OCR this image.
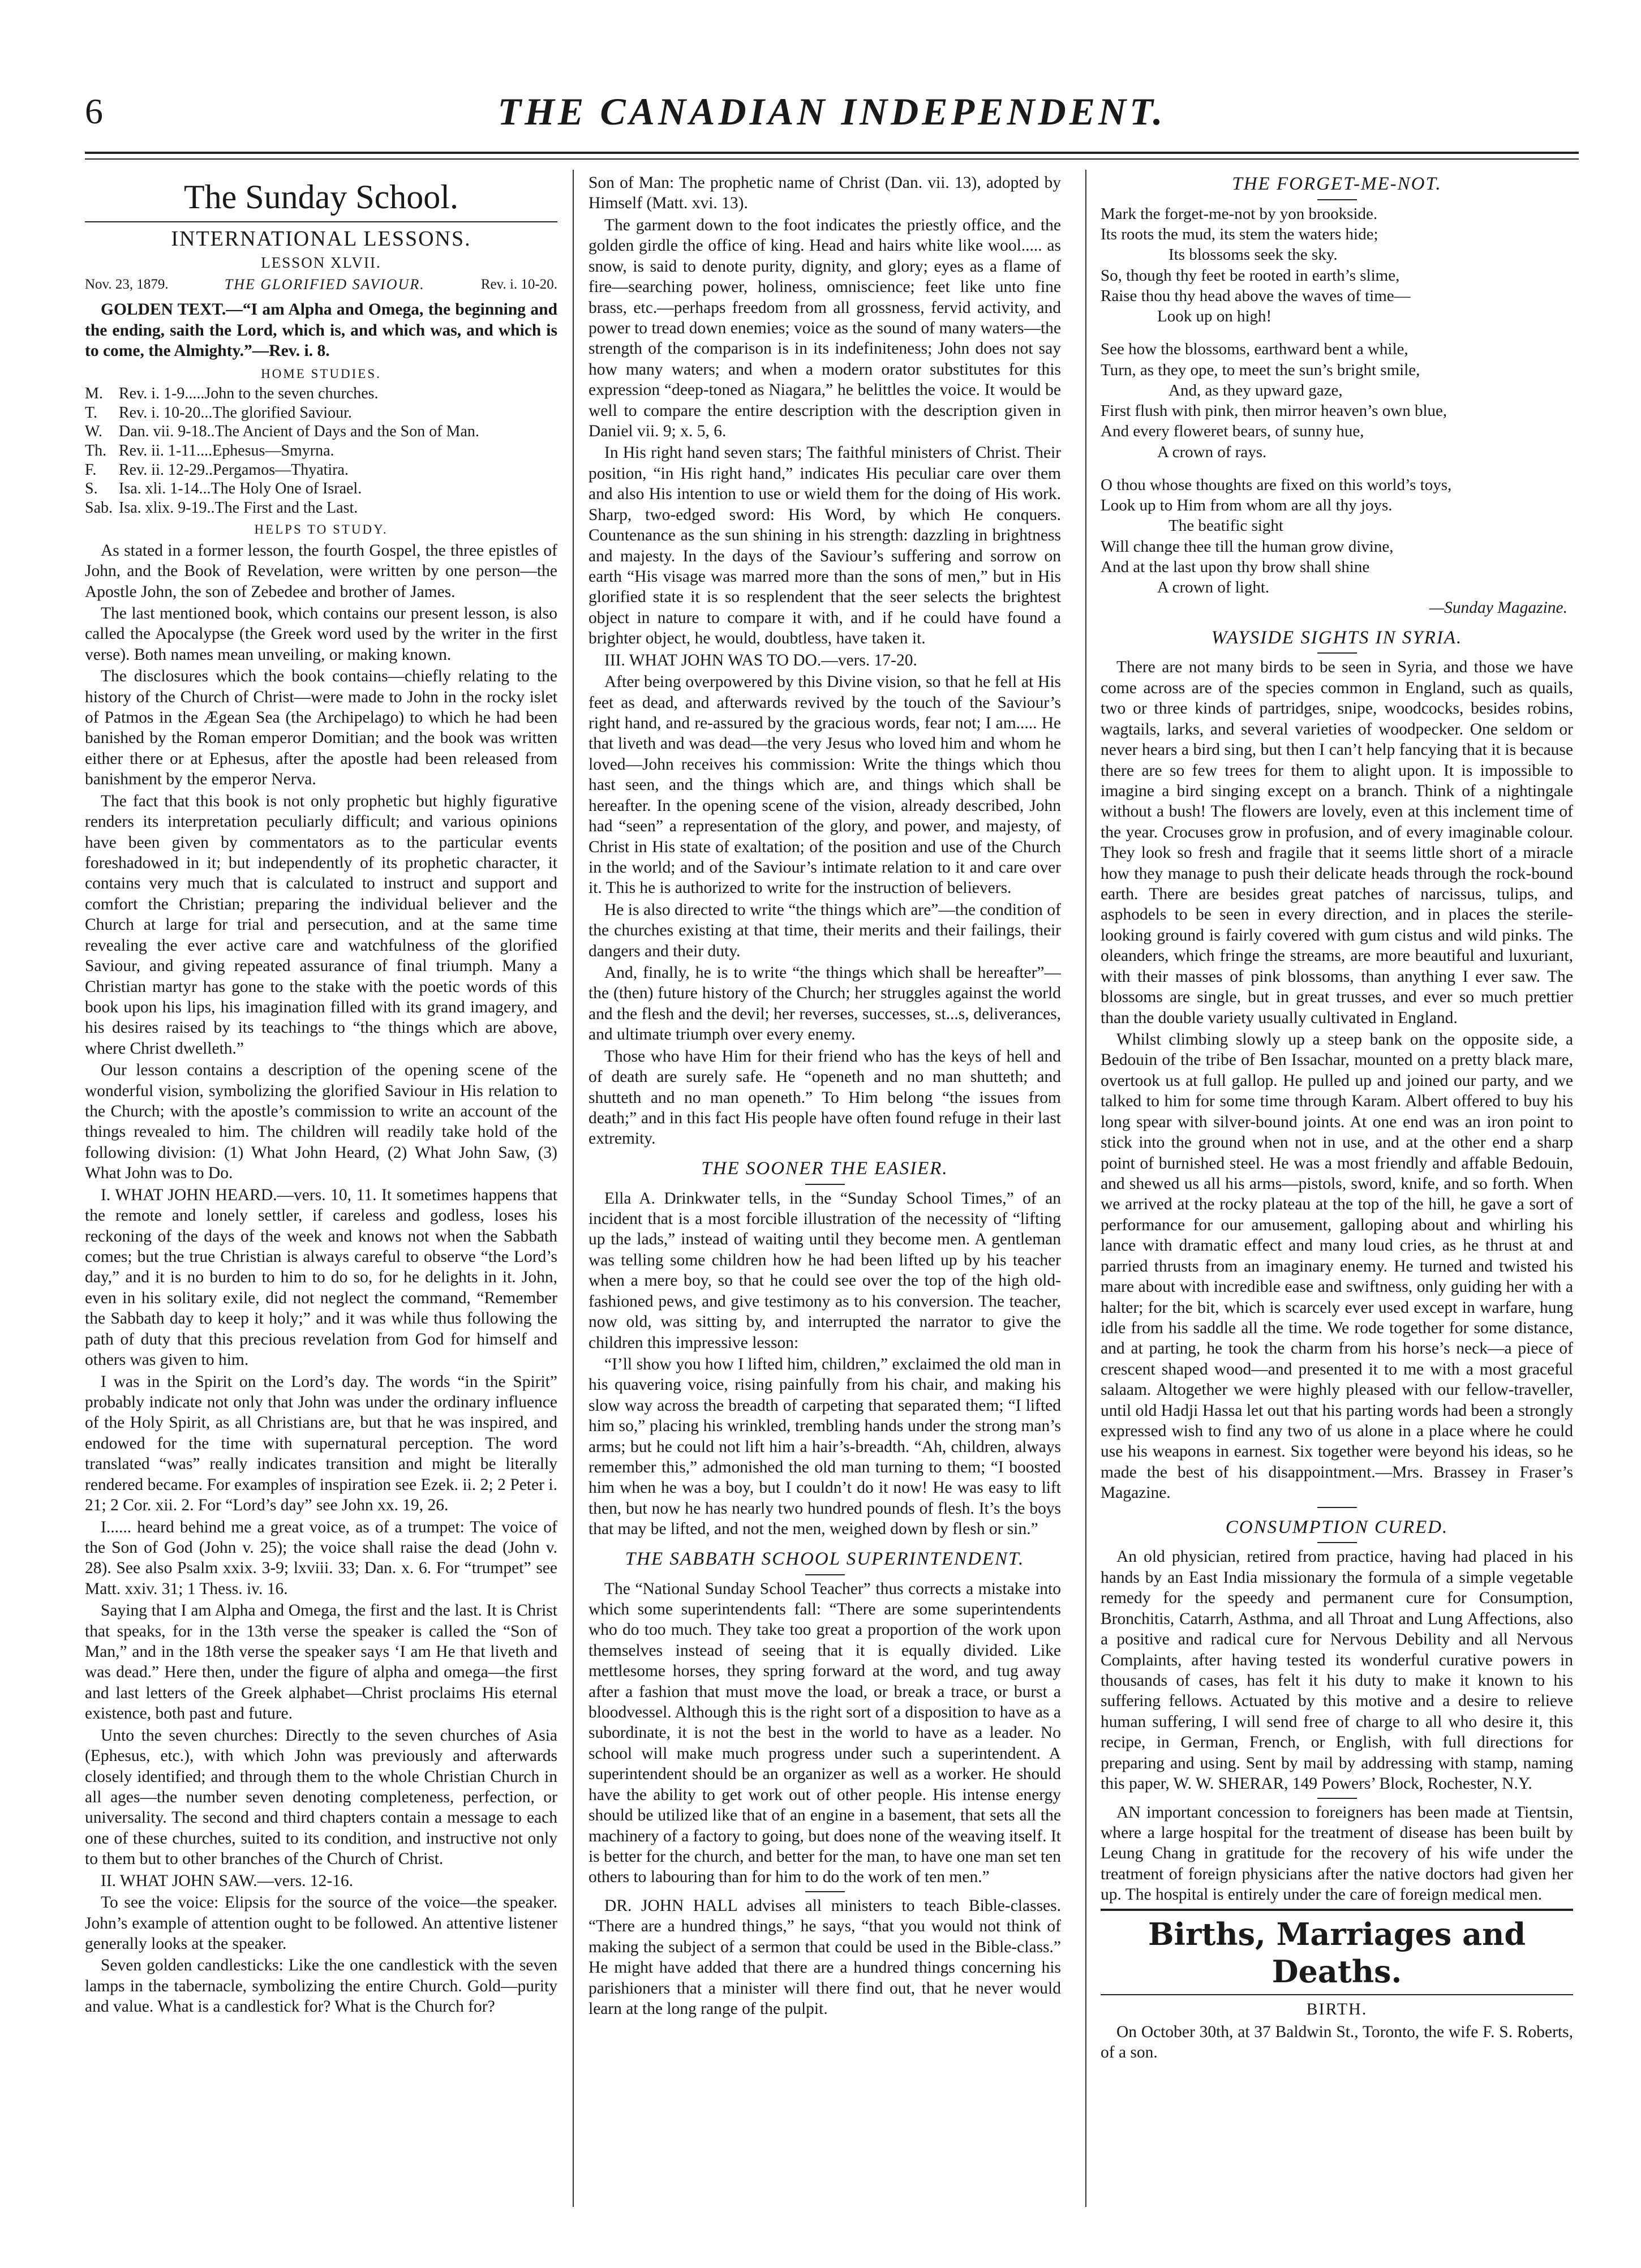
6	THE CANADIAN INDEPENDENT.
The Sunday School.
INTERNATIONAL LESSONS.
LESSON XLVII.
Nov. 23, 1879.	THE GLORIFIED SAVIOUR.	Rev. i. 10-20.

GOLDEN TEXT.—“I am Alpha and Omega, the beginning and the ending, saith the Lord, which is, and which was, and which is to come, the Almighty.”—Rev. i. 8.

HOME STUDIES.
M.	Rev. i. 1-9.....John to the seven churches.
T.	Rev. i. 10-20...The glorified Saviour.
W.	Dan. vii. 9-18..The Ancient of Days and the Son of Man.
Th. Rev. ii. 1-11....Ephesus—Smyrna.
F.	Rev. ii. 12-29..Pergamos—Thyatira.
S.	Isa. xli. 1-14...The Holy One of Israel.
Sab. Isa. xlix. 9-19..The First and the Last.
HELPS TO STUDY.

As stated in a former lesson, the fourth Gospel, the three epistles of John, and the Book of Revelation, were written by one person—the Apostle John, the son of Zebedee and brother of James.

The last mentioned book, which contains our present lesson, is also called the Apocalypse (the Greek word used by the writer in the first verse). Both names mean unveiling, or making known.

The disclosures which the book contains—chiefly relating to the history of the Church of Christ—were made to John in the rocky islet of Patmos in the Ægean Sea (the Archipelago) to which he had been banished by the Roman emperor Domitian; and the book was written either there or at Ephesus, after the apostle had been released from banishment by the emperor Nerva.

The fact that this book is not only prophetic but highly figurative renders its interpretation peculiarly difficult; and various opinions have been given by commentators as to the particular events foreshadowed in it; but independently of its prophetic character, it contains very much that is calculated to instruct and support and comfort the Christian; preparing the individual believer and the Church at large for trial and persecution, and at the same time revealing the ever active care and watchfulness of the glorified Saviour, and giving repeated assurance of final triumph. Many a Christian martyr has gone to the stake with the poetic words of this book upon his lips, his imagination filled with its grand imagery, and his desires raised by its teachings to “the things which are above, where Christ dwelleth.”

Our lesson contains a description of the opening scene of the wonderful vision, symbolizing the glorified Saviour in His relation to the Church; with the apostle’s commission to write an account of the things revealed to him. The children will readily take hold of the following division: (1) What John Heard, (2) What John Saw, (3) What John was to Do.

I. WHAT JOHN HEARD.—vers. 10, 11. It sometimes happens that the remote and lonely settler, if careless and godless, loses his reckoning of the days of the week and knows not when the Sabbath comes; but the true Christian is always careful to observe “the Lord’s day,” and it is no burden to him to do so, for he delights in it. John, even in his solitary exile, did not neglect the command, “Remember the Sabbath day to keep it holy;” and it was while thus following the path of duty that this precious revelation from God for himself and others was given to him.

I was in the Spirit on the Lord’s day. The words “in the Spirit” probably indicate not only that John was under the ordinary influence of the Holy Spirit, as all Christians are, but that he was inspired, and endowed for the time with supernatural perception. The word translated “was” really indicates transition and might be literally rendered became. For examples of inspiration see Ezek. ii. 2; 2 Peter i. 21; 2 Cor. xii. 2. For “Lord’s day” see John xx. 19, 26.

I...... heard behind me a great voice, as of a trumpet: The voice of the Son of God (John v. 25); the voice shall raise the dead (John v. 28). See also Psalm xxix. 3-9; lxviii. 33; Dan. x. 6. For “trumpet” see Matt. xxiv. 31; 1 Thess. iv. 16.

Saying that I am Alpha and Omega, the first and the last. It is Christ that speaks, for in the 13th verse the speaker is called the “Son of Man,” and in the 18th verse the speaker says ‘I am He that liveth and was dead.” Here then, under the figure of alpha and omega—the first and last letters of the Greek alphabet—Christ proclaims His eternal existence, both past and future.

Unto the seven churches: Directly to the seven churches of Asia (Ephesus, etc.), with which John was previously and afterwards closely identified; and through them to the whole Christian Church in all ages—the number seven denoting completeness, perfection, or universality. The second and third chapters contain a message to each one of these churches, suited to its condition, and instructive not only to them but to other branches of the Church of Christ.

II. WHAT JOHN SAW.—vers. 12-16.

To see the voice: Elipsis for the source of the voice—the speaker. John’s example of attention ought to be followed. An attentive listener generally looks at the speaker.

Seven golden candlesticks: Like the one candlestick with the seven lamps in the tabernacle, symbolizing the entire Church. Gold—purity and value. What is a candlestick for? What is the Church for?

Son of Man: The prophetic name of Christ (Dan. vii. 13), adopted by Himself (Matt. xvi. 13).

The garment down to the foot indicates the priestly office, and the golden girdle the office of king. Head and hairs white like wool..... as snow, is said to denote purity, dignity, and glory; eyes as a flame of fire—searching power, holiness, omniscience; feet like unto fine brass, etc.—perhaps freedom from all grossness, fervid activity, and power to tread down enemies; voice as the sound of many waters—the strength of the comparison is in its indefiniteness; John does not say how many waters; and when a modern orator substitutes for this expression “deep-toned as Niagara,” he belittles the voice. It would be well to compare the entire description with the description given in Daniel vii. 9; x. 5, 6.

In His right hand seven stars; The faithful ministers of Christ. Their position, “in His right hand,” indicates His peculiar care over them and also His intention to use or wield them for the doing of His work. Sharp, two-edged sword: His Word, by which He conquers. Countenance as the sun shining in his strength: dazzling in brightness and majesty. In the days of the Saviour’s suffering and sorrow on earth “His visage was marred more than the sons of men,” but in His glorified state it is so resplendent that the seer selects the brightest object in nature to compare it with, and if he could have found a brighter object, he would, doubtless, have taken it.

III. WHAT JOHN WAS TO DO.—vers. 17-20.

After being overpowered by this Divine vision, so that he fell at His feet as dead, and afterwards revived by the touch of the Saviour’s right hand, and re-assured by the gracious words, fear not; I am..... He that liveth and was dead—the very Jesus who loved him and whom he loved—John receives his commission: Write the things which thou hast seen, and the things which are, and things which shall be hereafter. In the opening scene of the vision, already described, John had “seen” a representation of the glory, and power, and majesty, of Christ in His state of exaltation; of the position and use of the Church in the world; and of the Saviour’s intimate relation to it and care over it. This he is authorized to write for the instruction of believers.

He is also directed to write “the things which are”—the condition of the churches existing at that time, their merits and their failings, their dangers and their duty.

And, finally, he is to write “the things which shall be hereafter”—the (then) future history of the Church; her struggles against the world and the flesh and the devil; her reverses, successes, st...s, deliverances, and ultimate triumph over every enemy.

Those who have Him for their friend who has the keys of hell and of death are surely safe. He “openeth and no man shutteth; and shutteth and no man openeth.” To Him belong “the issues from death;” and in this fact His people have often found refuge in their last extremity.

THE SOONER THE EASIER.

Ella A. Drinkwater tells, in the “Sunday School Times,” of an incident that is a most forcible illustration of the necessity of “lifting up the lads,” instead of waiting until they become men. A gentleman was telling some children how he had been lifted up by his teacher when a mere boy, so that he could see over the top of the high old-fashioned pews, and give testimony as to his conversion. The teacher, now old, was sitting by, and interrupted the narrator to give the children this impressive lesson:

“I’ll show you how I lifted him, children,” exclaimed the old man in his quavering voice, rising painfully from his chair, and making his slow way across the breadth of carpeting that separated them; “I lifted him so,” placing his wrinkled, trembling hands under the strong man’s arms; but he could not lift him a hair’s-breadth. “Ah, children, always remember this,” admonished the old man turning to them; “I boosted him when he was a boy, but I couldn’t do it now! He was easy to lift then, but now he has nearly two hundred pounds of flesh. It’s the boys that may be lifted, and not the men, weighed down by flesh or sin.”

THE SABBATH SCHOOL SUPERINTENDENT.

The “National Sunday School Teacher” thus corrects a mistake into which some superintendents fall: “There are some superintendents who do too much. They take too great a proportion of the work upon themselves instead of seeing that it is equally divided. Like mettlesome horses, they spring forward at the word, and tug away after a fashion that must move the load, or break a trace, or burst a bloodvessel. Although this is the right sort of a disposition to have as a subordinate, it is not the best in the world to have as a leader. No school will make much progress under such a superintendent. A superintendent should be an organizer as well as a worker. He should have the ability to get work out of other people. His intense energy should be utilized like that of an engine in a basement, that sets all the machinery of a factory to going, but does none of the weaving itself. It is better for the church, and better for the man, to have one man set ten others to labouring than for him to do the work of ten men.”

DR. JOHN HALL advises all ministers to teach Bible-classes. “There are a hundred things,” he says, “that you would not think of making the subject of a sermon that could be used in the Bible-class.” He might have added that there are a hundred things concerning his parishioners that a minister will there find out, that he never would learn at the long range of the pulpit.

THE FORGET-ME-NOT.
Mark the forget-me-not by yon brookside.
Its roots the mud, its stem the waters hide;
Its blossoms seek the sky.
So, though thy feet be rooted in earth’s slime,
Raise thou thy head above the waves of time—
Look up on high!
See how the blossoms, earthward bent a while,
Turn, as they ope, to meet the sun’s bright smile,
And, as they upward gaze,
First flush with pink, then mirror heaven’s own blue,
And every floweret bears, of sunny hue,
A crown of rays.
O thou whose thoughts are fixed on this world’s toys,
Look up to Him from whom are all thy joys.
The beatific sight
Will change thee till the human grow divine,
And at the last upon thy brow shall shine
A crown of light.
—Sunday Magazine.
WAYSIDE SIGHTS IN SYRIA.

There are not many birds to be seen in Syria, and those we have come across are of the species common in England, such as quails, two or three kinds of partridges, snipe, woodcocks, besides robins, wagtails, larks, and several varieties of woodpecker. One seldom or never hears a bird sing, but then I can’t help fancying that it is because there are so few trees for them to alight upon. It is impossible to imagine a bird singing except on a branch. Think of a nightingale without a bush! The flowers are lovely, even at this inclement time of the year. Crocuses grow in profusion, and of every imaginable colour. They look so fresh and fragile that it seems little short of a miracle how they manage to push their delicate heads through the rock-bound earth. There are besides great patches of narcissus, tulips, and asphodels to be seen in every direction, and in places the sterile-looking ground is fairly covered with gum cistus and wild pinks. The oleanders, which fringe the streams, are more beautiful and luxuriant, with their masses of pink blossoms, than anything I ever saw. The blossoms are single, but in great trusses, and ever so much prettier than the double variety usually cultivated in England.

Whilst climbing slowly up a steep bank on the opposite side, a Bedouin of the tribe of Ben Issachar, mounted on a pretty black mare, overtook us at full gallop. He pulled up and joined our party, and we talked to him for some time through Karam. Albert offered to buy his long spear with silver-bound joints. At one end was an iron point to stick into the ground when not in use, and at the other end a sharp point of burnished steel. He was a most friendly and affable Bedouin, and shewed us all his arms—pistols, sword, knife, and so forth. When we arrived at the rocky plateau at the top of the hill, he gave a sort of performance for our amusement, galloping about and whirling his lance with dramatic effect and many loud cries, as he thrust at and parried thrusts from an imaginary enemy. He turned and twisted his mare about with incredible ease and swiftness, only guiding her with a halter; for the bit, which is scarcely ever used except in warfare, hung idle from his saddle all the time. We rode together for some distance, and at parting, he took the charm from his horse’s neck—a piece of crescent shaped wood—and presented it to me with a most graceful salaam. Altogether we were highly pleased with our fellow-traveller, until old Hadji Hassa let out that his parting words had been a strongly expressed wish to find any two of us alone in a place where he could use his weapons in earnest. Six together were beyond his ideas, so he made the best of his disappointment.—Mrs. Brassey in Fraser’s Magazine.

CONSUMPTION CURED.

An old physician, retired from practice, having had placed in his hands by an East India missionary the formula of a simple vegetable remedy for the speedy and permanent cure for Consumption, Bronchitis, Catarrh, Asthma, and all Throat and Lung Affections, also a positive and radical cure for Nervous Debility and all Nervous Complaints, after having tested its wonderful curative powers in thousands of cases, has felt it his duty to make it known to his suffering fellows. Actuated by this motive and a desire to relieve human suffering, I will send free of charge to all who desire it, this recipe, in German, French, or English, with full directions for preparing and using. Sent by mail by addressing with stamp, naming this paper, W. W. SHERAR, 149 Powers’ Block, Rochester, N.Y.

AN important concession to foreigners has been made at Tientsin, where a large hospital for the treatment of disease has been built by Leung Chang in gratitude for the recovery of his wife under the treatment of foreign physicians after the native doctors had given her up. The hospital is entirely under the care of foreign medical men.

Births, Marriages and Deaths.
BIRTH.

On October 30th, at 37 Baldwin St., Toronto, the wife F. S. Roberts, of a son.
